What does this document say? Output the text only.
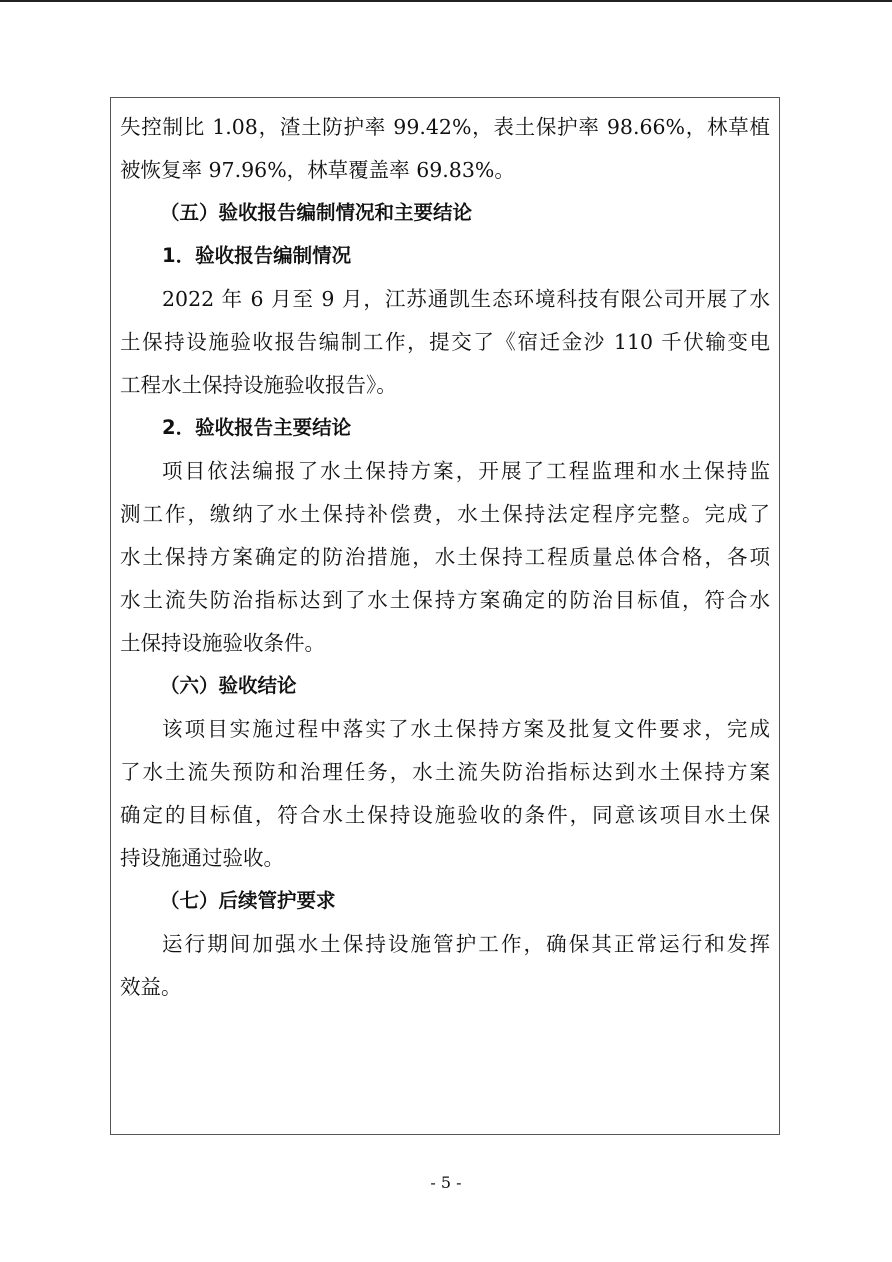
失控制比 1.08，渣土防护率 99.42%，表土保护率 98.66%，林草植
被恢复率 97.96%，林草覆盖率 69.83%。
（五）验收报告编制情况和主要结论
1．验收报告编制情况
2022 年 6 月至 9 月，江苏通凯生态环境科技有限公司开展了水
土保持设施验收报告编制工作，提交了《宿迁金沙 110 千伏输变电
工程水土保持设施验收报告》。
2．验收报告主要结论
项目依法编报了水土保持方案，开展了工程监理和水土保持监
测工作，缴纳了水土保持补偿费，水土保持法定程序完整。完成了
水土保持方案确定的防治措施，水土保持工程质量总体合格，各项
水土流失防治指标达到了水土保持方案确定的防治目标值，符合水
土保持设施验收条件。
（六）验收结论
该项目实施过程中落实了水土保持方案及批复文件要求，完成
了水土流失预防和治理任务，水土流失防治指标达到水土保持方案
确定的目标值，符合水土保持设施验收的条件，同意该项目水土保
持设施通过验收。
（七）后续管护要求
运行期间加强水土保持设施管护工作，确保其正常运行和发挥
效益。
- 5 -
